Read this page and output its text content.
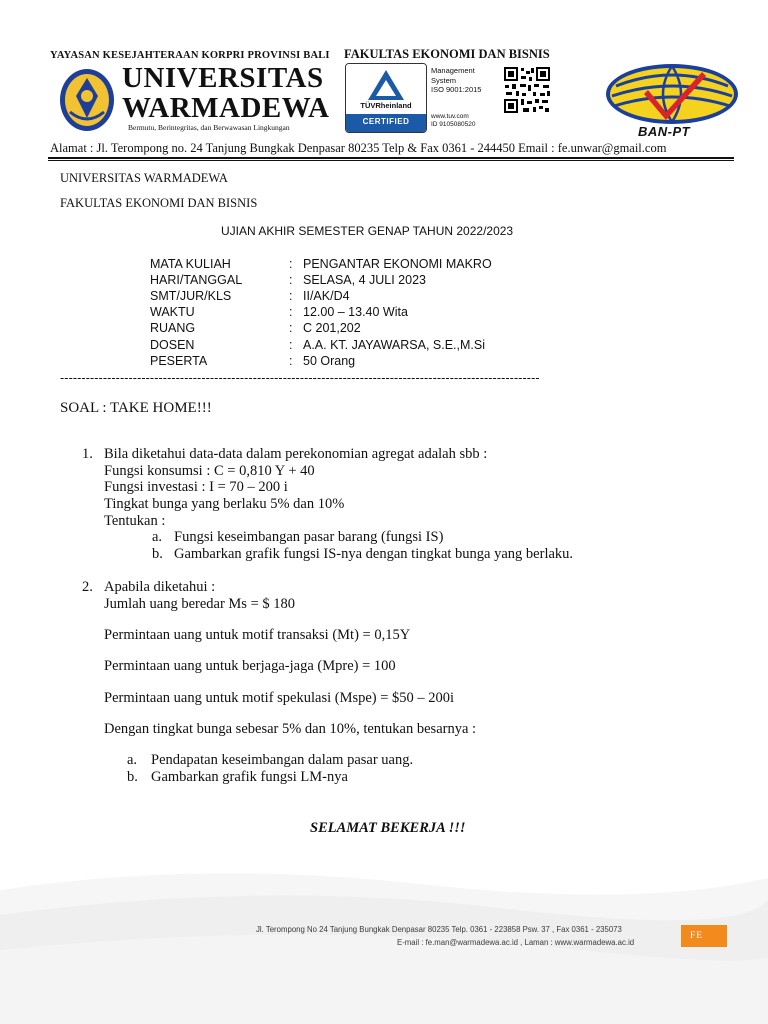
YAYASAN KESEJAHTERAAN KORPRI PROVINSI BALI
UNIVERSITAS
WARMADEWA
Bermutu, Berintegritas, dan Berwawasan Lingkungan
FAKULTAS EKONOMI DAN BISNIS
TÜVRheinland
CERTIFIED
Management
System
ISO 9001:2015
www.tuv.com
ID 9105080520	BAN-PT
Alamat : Jl. Terompong no. 24 Tanjung Bungkak Denpasar 80235 Telp & Fax 0361 - 244450 Email : fe.unwar@gmail.com
UNIVERSITAS WARMADEWA
FAKULTAS EKONOMI DAN BISNIS
UJIAN AKHIR SEMESTER GENAP TAHUN 2022/2023
MATA KULIAH	: PENGANTAR EKONOMI MAKRO
HARI/TANGGAL	: SELASA, 4 JULI 2023
SMT/JUR/KLS	: II/AK/D4
WAKTU	: 12.00 – 13.40 Wita
RUANG	: C 201,202
DOSEN	: A.A. KT. JAYAWARSA, S.E.,M.Si
PESERTA	: 50 Orang
----------------------------------------------------------------------------------------------------------------
SOAL : TAKE HOME!!!
1. Bila diketahui data-data dalam perekonomian agregat adalah sbb :
Fungsi konsumsi : C = 0,810 Y + 40
Fungsi investasi : I = 70 – 200 i
Tingkat bunga yang berlaku 5% dan 10%
Tentukan :
a. Fungsi keseimbangan pasar barang (fungsi IS)
b. Gambarkan grafik fungsi IS-nya dengan tingkat bunga yang berlaku.
2. Apabila diketahui :
Jumlah uang beredar Ms = $ 180
Permintaan uang untuk motif transaksi (Mt) = 0,15Y
Permintaan uang untuk berjaga-jaga (Mpre) = 100
Permintaan uang untuk motif spekulasi (Mspe) = $50 – 200i
Dengan tingkat bunga sebesar 5% dan 10%, tentukan besarnya :
a. Pendapatan keseimbangan dalam pasar uang.
b. Gambarkan grafik fungsi LM-nya
SELAMAT BEKERJA !!!
Jl. Terompong No 24 Tanjung Bungkak Denpasar 80235 Telp. 0361 - 223858 Psw. 37 , Fax 0361 - 235073
E-mail : fe.man@warmadewa.ac.id , Laman : www.warmadewa.ac.id
FE
